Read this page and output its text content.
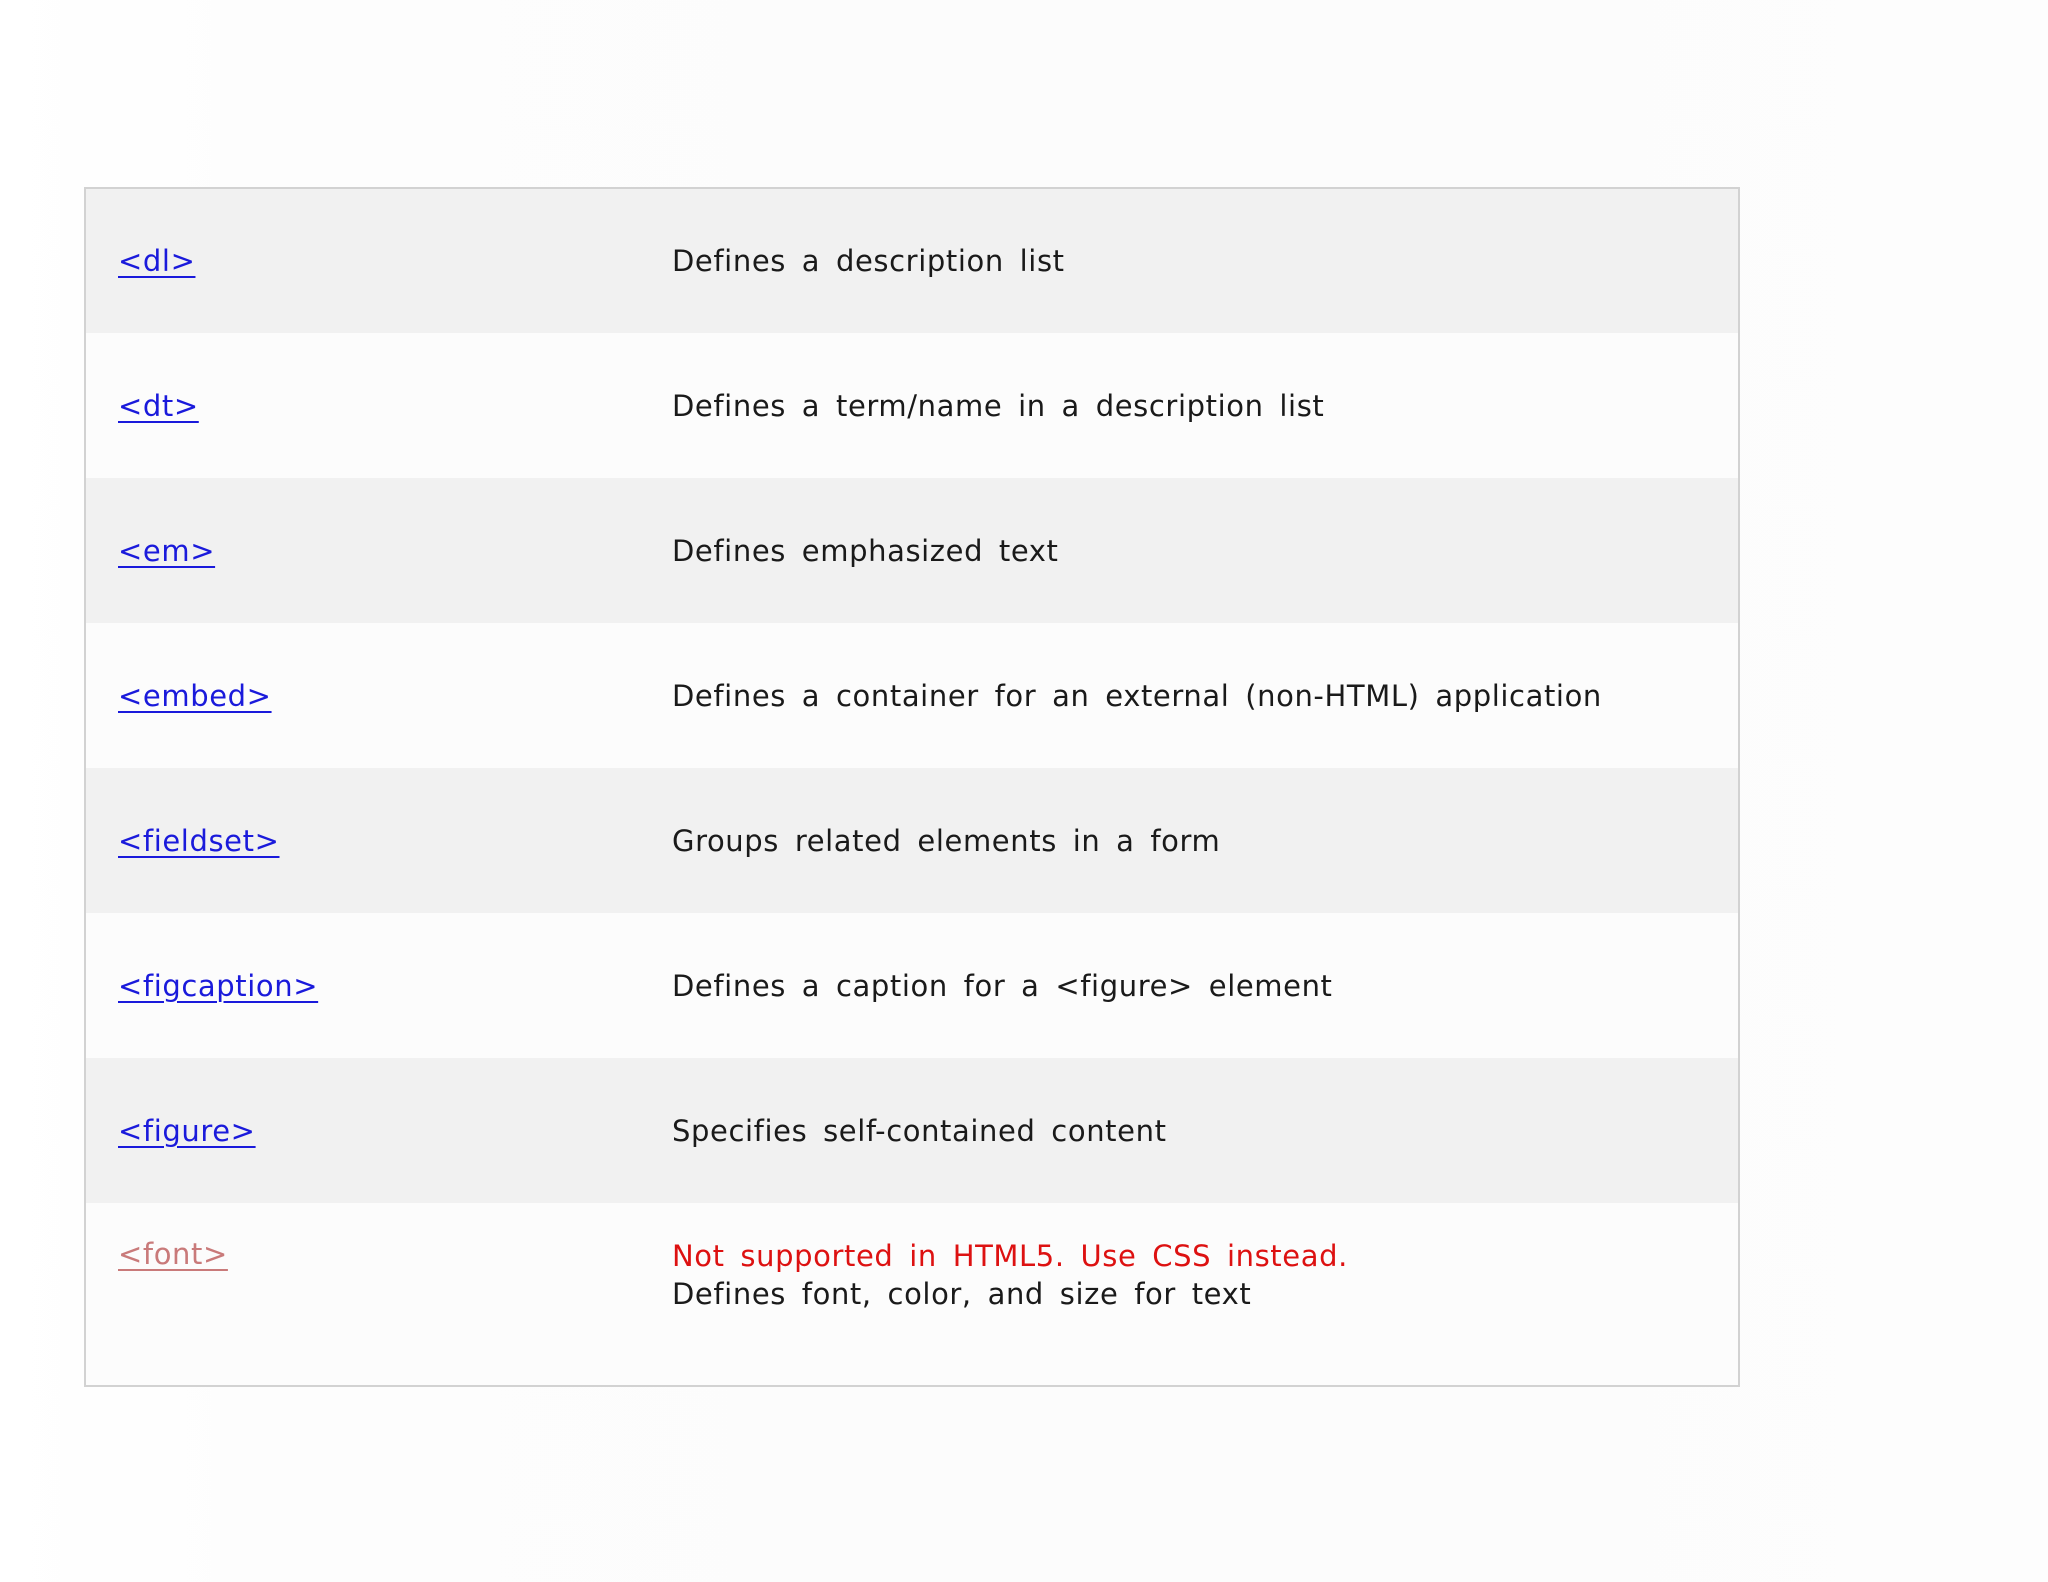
<dl>	Defines a description list
<dt>	Defines a term/name in a description list
<em>	Defines emphasized text
<embed>	Defines a container for an external (non-HTML) application
<fieldset>	Groups related elements in a form
<figcaption>	Defines a caption for a <figure> element
<figure>	Specifies self-contained content
<font>	Not supported in HTML5. Use CSS instead.
Defines font, color, and size for text
